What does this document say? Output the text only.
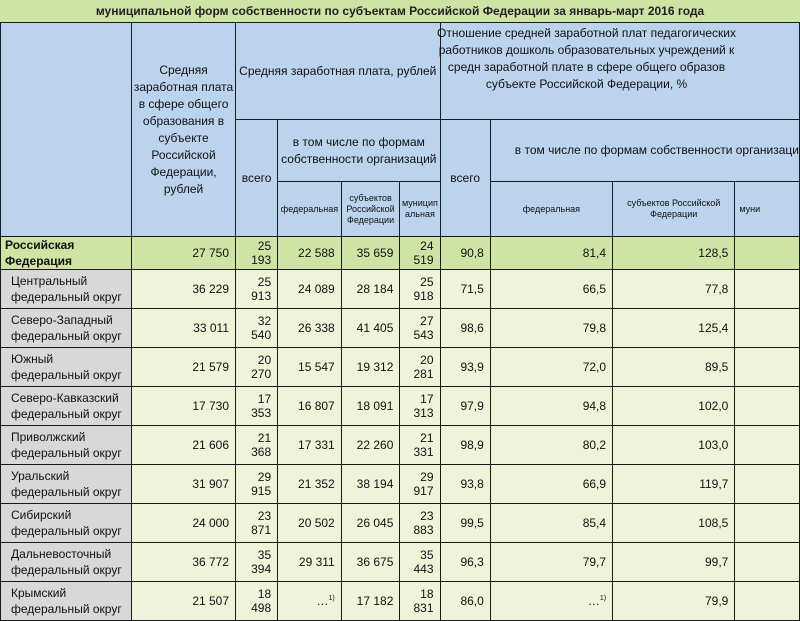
муниципальной форм собственности по субъектам Российской Федерации за январь-март 2016 года
	Средняя заработная плата в сфере общего образования в субъекте Российской Федерации, рублей	Средняя заработная плата, рублей				Отношение средней заработной плат педагогических работников дошколь образовательных учреждений к средн заработной плате в сфере общего образов субъекте Российской Федерации, %			

		всего	в том числе по формам собственности организаций			всего	в том числе по формам собственности организаци		
			федеральная	субъектов Российской Федерации	муниципальная		федеральная	субъектов Российской Федерации	муни
Российская Федерация	27 750	25 193	22 588	35 659	24 519	90,8	81,4	128,5	
Центральный федеральный округ	36 229	25 913	24 089	28 184	25 918	71,5	66,5	77,8	
Северо-Западный федеральный округ	33 011	32 540	26 338	41 405	27 543	98,6	79,8	125,4	
Южный федеральный округ	21 579	20 270	15 547	19 312	20 281	93,9	72,0	89,5	
Северо-Кавказский федеральный округ	17 730	17 353	16 807	18 091	17 313	97,9	94,8	102,0	
Приволжский федеральный округ	21 606	21 368	17 331	22 260	21 331	98,9	80,2	103,0	
Уральский федеральный округ	31 907	29 915	21 352	38 194	29 917	93,8	66,9	119,7	
Сибирский федеральный округ	24 000	23 871	20 502	26 045	23 883	99,5	85,4	108,5	
Дальневосточный федеральный округ	36 772	35 394	29 311	36 675	35 443	96,3	79,7	99,7	
Крымский федеральный округ	21 507	18 498	…$^{1)}$	17 182	18 831	86,0	…$^{1)}$	79,9	
